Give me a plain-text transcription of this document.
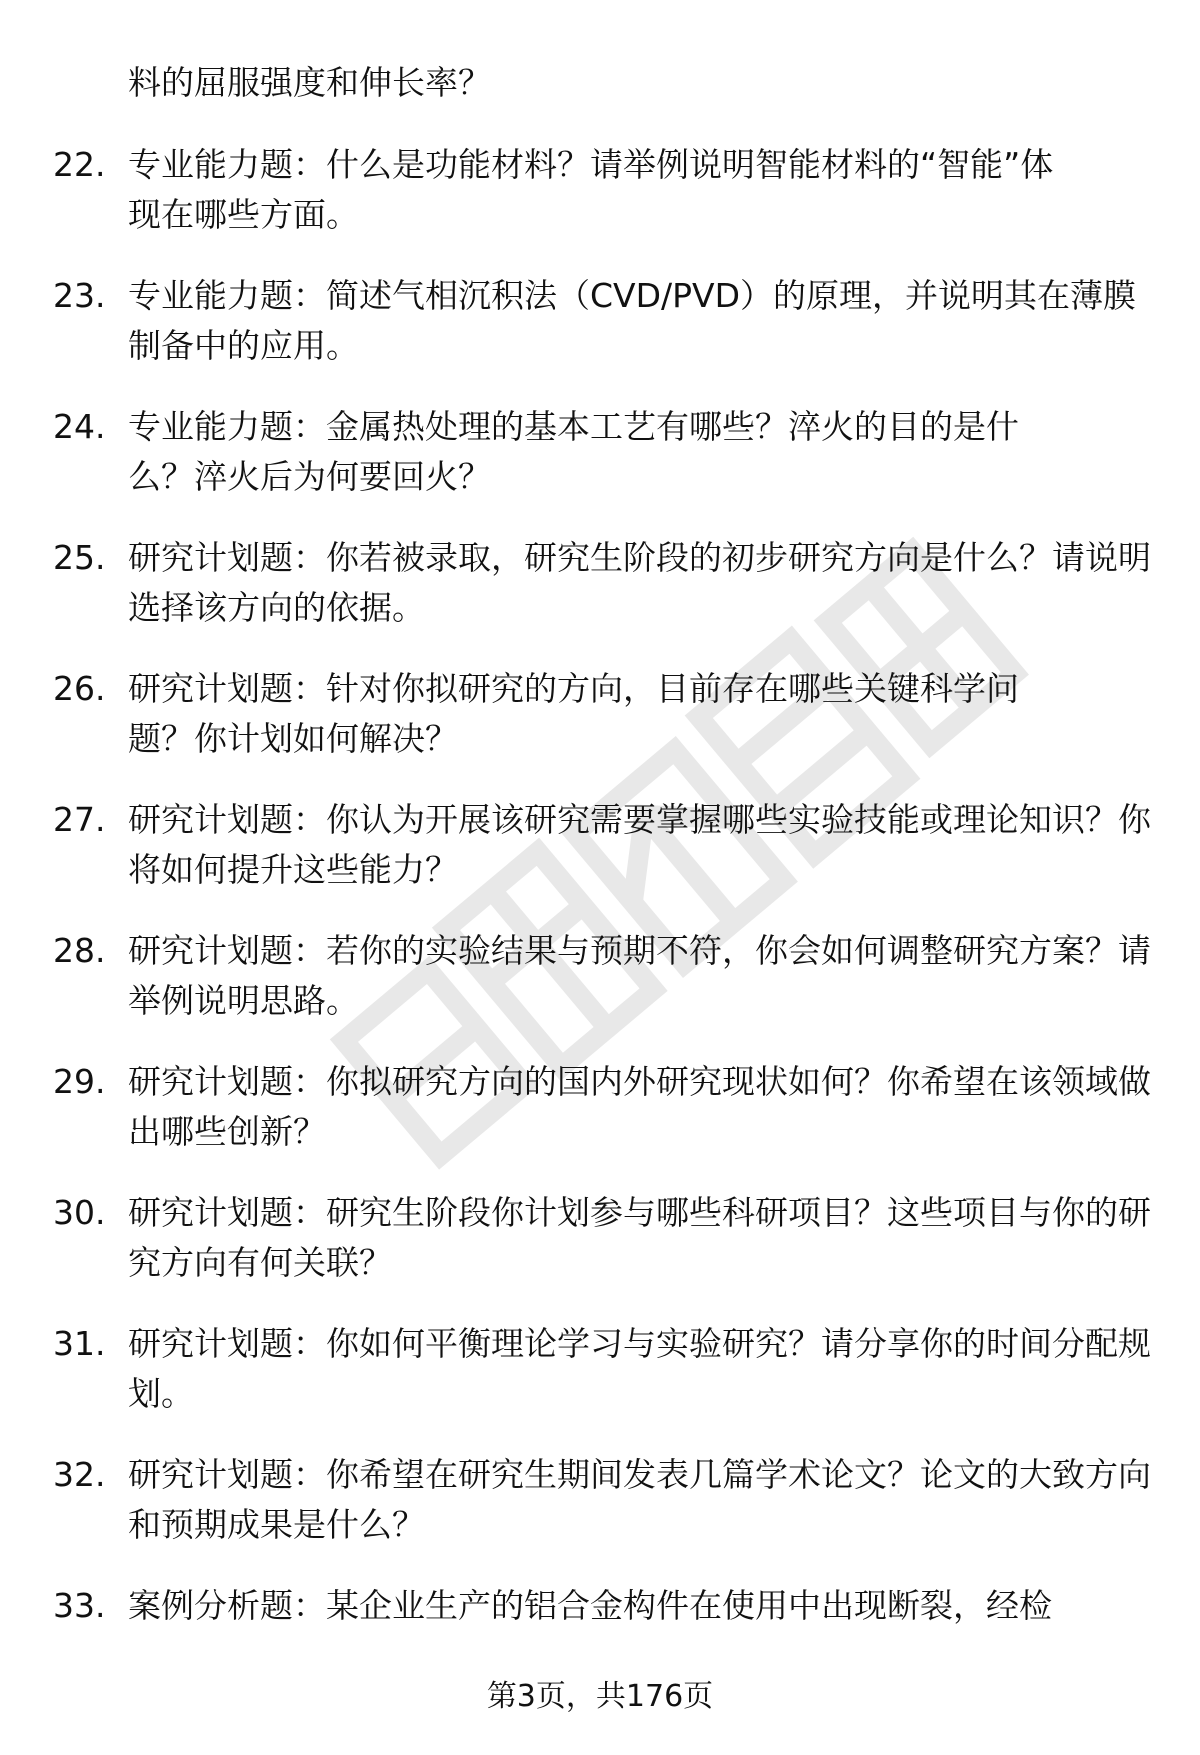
料的屈服强度和伸长率？
22. 专业能力题：什么是功能材料？请举例说明智能材料的“智能”体现在哪些方面。
23. 专业能力题：简述气相沉积法（CVD/PVD）的原理，并说明其在薄膜制备中的应用。
24. 专业能力题：金属热处理的基本工艺有哪些？淬火的目的是什么？淬火后为何要回火？
25. 研究计划题：你若被录取，研究生阶段的初步研究方向是什么？请说明选择该方向的依据。
26. 研究计划题：针对你拟研究的方向，目前存在哪些关键科学问题？你计划如何解决？
27. 研究计划题：你认为开展该研究需要掌握哪些实验技能或理论知识？你将如何提升这些能力？
28. 研究计划题：若你的实验结果与预期不符，你会如何调整研究方案？请举例说明思路。
29. 研究计划题：你拟研究方向的国内外研究现状如何？你希望在该领域做出哪些创新？
30. 研究计划题：研究生阶段你计划参与哪些科研项目？这些项目与你的研究方向有何关联？
31. 研究计划题：你如何平衡理论学习与实验研究？请分享你的时间分配规划。
32. 研究计划题：你希望在研究生期间发表几篇学术论文？论文的大致方向和预期成果是什么？
33. 案例分析题：某企业生产的铝合金构件在使用中出现断裂，经检
第3页，共176页
